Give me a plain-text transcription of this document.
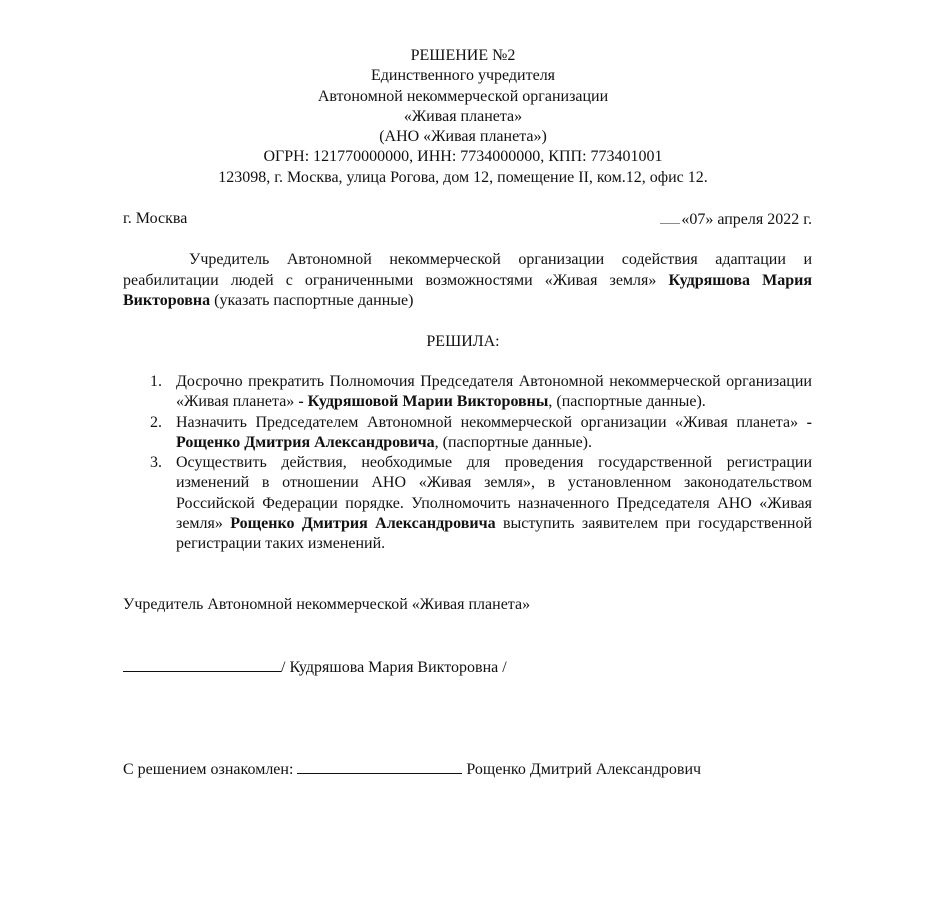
РЕШЕНИЕ №2
Единственного учредителя
Автономной некоммерческой организации
«Живая планета»
(АНО «Живая планета»)
ОГРН: 121770000000, ИНН: 7734000000, КПП: 773401001
123098, г. Москва, улица Рогова, дом 12, помещение II, ком.12, офис 12.
г. Москва	«07» апреля 2022 г.

Учредитель Автономной некоммерческой организации содействия адаптации и реабилитации людей с ограниченными возможностями «Живая земля» Кудряшова Мария Викторовна (указать паспортные данные)

РЕШИЛА:
1. Досрочно прекратить Полномочия Председателя Автономной некоммерческой организации «Живая планета» - Кудряшовой Марии Викторовны, (паспортные данные).
2. Назначить Председателем Автономной некоммерческой организации «Живая планета» - Рощенко Дмитрия Александровича, (паспортные данные).
3. Осуществить действия, необходимые для проведения государственной регистрации изменений в отношении АНО «Живая земля», в установленном законодательством Российской Федерации порядке. Уполномочить назначенного Председателя АНО «Живая земля» Рощенко Дмитрия Александровича выступить заявителем при государственной регистрации таких изменений.
Учредитель Автономной некоммерческой «Живая планета»
/ Кудряшова Мария Викторовна /
С решением ознакомлен:	Рощенко Дмитрий Александрович
